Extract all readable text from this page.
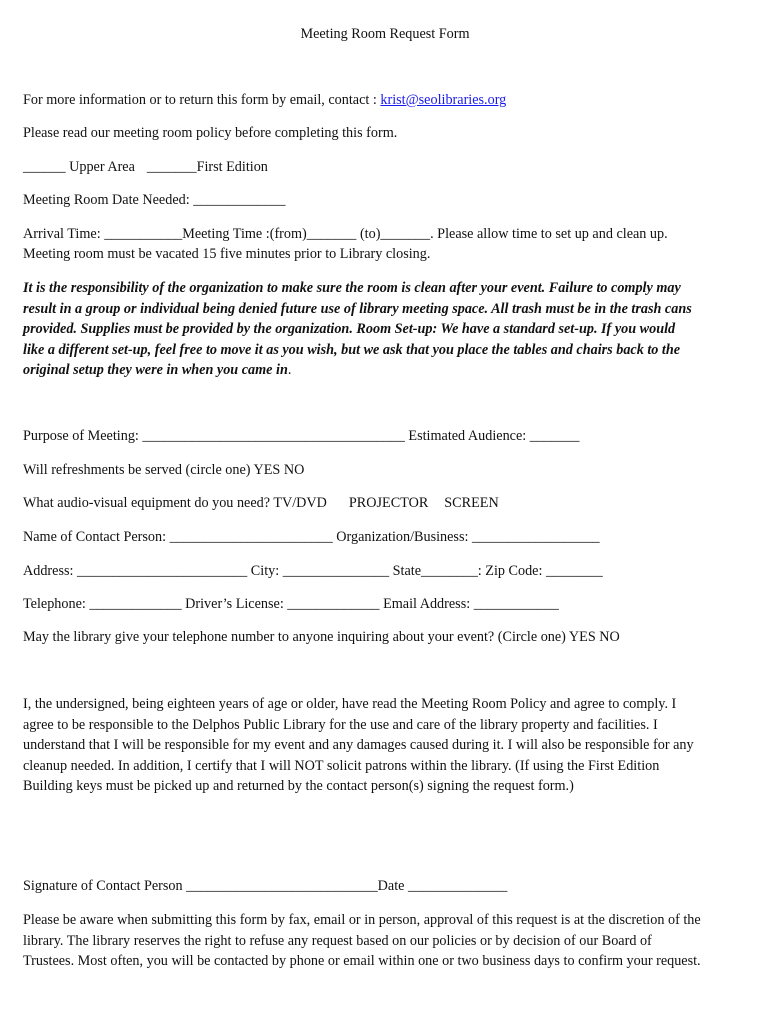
Meeting Room Request Form
For more information or to return this form by email, contact : krist@seolibraries.org
Please read our meeting room policy before completing this form.
______ Upper Area _______First Edition
Meeting Room Date Needed: _____________
Arrival Time: ___________Meeting Time :(from)_______ (to)_______. Please allow time to set up and clean up.
Meeting room must be vacated 15 five minutes prior to Library closing.
It is the responsibility of the organization to make sure the room is clean after your event. Failure to comply may
result in a group or individual being denied future use of library meeting space. All trash must be in the trash cans
provided. Supplies must be provided by the organization. Room Set-up: We have a standard set-up. If you would
like a different set-up, feel free to move it as you wish, but we ask that you place the tables and chairs back to the
original setup they were in when you came in.
Purpose of Meeting: _____________________________________ Estimated Audience: _______
Will refreshments be served (circle one) YES NO
What audio-visual equipment do you need? TV/DVD PROJECTOR SCREEN
Name of Contact Person: _______________________ Organization/Business: __________________
Address: ________________________ City: _______________ State________: Zip Code: ________
Telephone: _____________ Driver’s License: _____________ Email Address: ____________
May the library give your telephone number to anyone inquiring about your event? (Circle one) YES NO
I, the undersigned, being eighteen years of age or older, have read the Meeting Room Policy and agree to comply. I
agree to be responsible to the Delphos Public Library for the use and care of the library property and facilities. I
understand that I will be responsible for my event and any damages caused during it. I will also be responsible for any
cleanup needed. In addition, I certify that I will NOT solicit patrons within the library. (If using the First Edition
Building keys must be picked up and returned by the contact person(s) signing the request form.)
Signature of Contact Person ___________________________Date ______________
Please be aware when submitting this form by fax, email or in person, approval of this request is at the discretion of the
library. The library reserves the right to refuse any request based on our policies or by decision of our Board of
Trustees. Most often, you will be contacted by phone or email within one or two business days to confirm your request.
